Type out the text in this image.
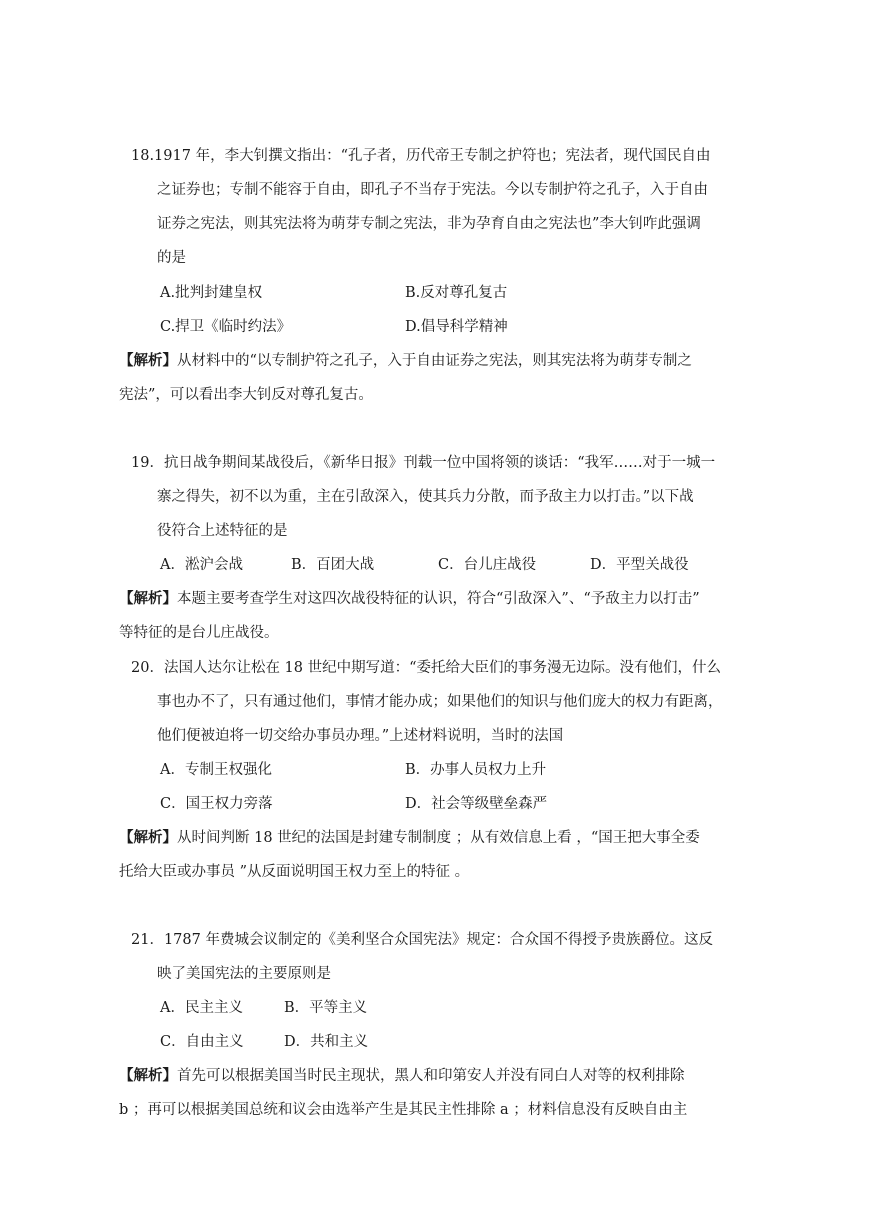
18.1917 年，李大钊撰文指出：“孔子者，历代帝王专制之护符也；宪法者，现代国民自由
之证券也；专制不能容于自由，即孔子不当存于宪法。今以专制护符之孔子，入于自由
证券之宪法，则其宪法将为萌芽专制之宪法，非为孕育自由之宪法也”李大钊咋此强调
的是
A.批判封建皇权	B.反对尊孔复古
C.捍卫《临时约法》	D.倡导科学精神
【解析】从材料中的“以专制护符之孔子，入于自由证券之宪法，则其宪法将为萌芽专制之
宪法”，可以看出李大钊反对尊孔复古。
19．抗日战争期间某战役后，《新华日报》刊载一位中国将领的谈话：“我军……对于一城一
寨之得失，初不以为重，主在引敌深入，使其兵力分散，而予敌主力以打击。”以下战
役符合上述特征的是
A．淞沪会战	B．百团大战	C．台儿庄战役	D．平型关战役
【解析】本题主要考查学生对这四次战役特征的认识，符合“引敌深入”、“予敌主力以打击”
等特征的是台儿庄战役。
20．法国人达尔让松在 18 世纪中期写道：“委托给大臣们的事务漫无边际。没有他们，什么
事也办不了，只有通过他们，事情才能办成；如果他们的知识与他们庞大的权力有距离，
他们便被迫将一切交给办事员办理。”上述材料说明，当时的法国
A．专制王权强化	B．办事人员权力上升
C．国王权力旁落	D．社会等级壁垒森严
【解析】从时间判断 18 世纪的法国是封建专制制度 ；从有效信息上看 ，“国王把大事全委
托给大臣或办事员 ”从反面说明国王权力至上的特征 。
21．1787 年费城会议制定的《美利坚合众国宪法》规定：合众国不得授予贵族爵位。这反
映了美国宪法的主要原则是
A．民主主义	B．平等主义
C．自由主义	D．共和主义
【解析】首先可以根据美国当时民主现状，黑人和印第安人并没有同白人对等的权利排除
b ；再可以根据美国总统和议会由选举产生是其民主性排除 a ；材料信息没有反映自由主
